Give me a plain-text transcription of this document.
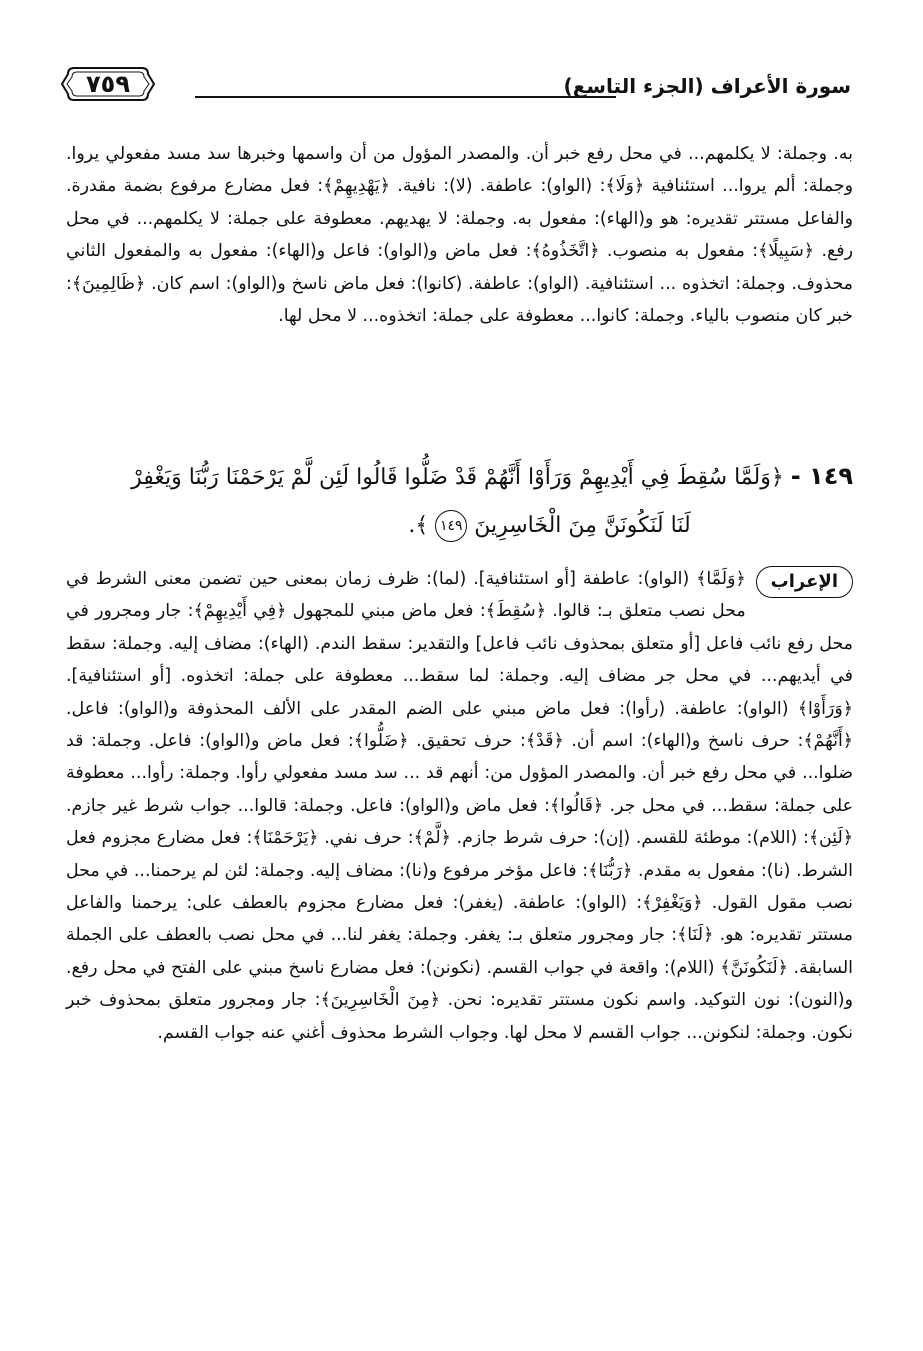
سورة الأعراف (الجزء التاسع)
٧٥٩
به. وجملة: لا يكلمهم... في محل رفع خبر أن. والمصدر المؤول من أن واسمها وخبرها سد مسد مفعولي يروا. وجملة: ألم يروا... استئنافية ﴿وَلَا﴾: (الواو): عاطفة. (لا): نافية. ﴿يَهْدِيهِمْ﴾: فعل مضارع مرفوع بضمة مقدرة. والفاعل مستتر تقديره: هو و(الهاء): مفعول به. وجملة: لا يهديهم. معطوفة على جملة: لا يكلمهم... في محل رفع. ﴿سَبِيلًا﴾: مفعول به منصوب. ﴿اتَّخَذُوهُ﴾: فعل ماض و(الواو): فاعل و(الهاء): مفعول به والمفعول الثاني محذوف. وجملة: اتخذوه ... استئنافية. (الواو): عاطفة. (كانوا): فعل ماض ناسخ و(الواو): اسم كان. ﴿ظَالِمِينَ﴾: خبر كان منصوب بالياء. وجملة: كانوا... معطوفة على جملة: اتخذوه... لا محل لها.
١٤٩ - ﴿وَلَمَّا سُقِطَ فِي أَيْدِيهِمْ وَرَأَوْا أَنَّهُمْ قَدْ ضَلُّوا قَالُوا لَئِن لَّمْ يَرْحَمْنَا رَبُّنَا وَيَغْفِرْ
لَنَا لَنَكُونَنَّ مِنَ الْخَاسِرِينَ ١٤٩ ﴾.
الإعراب
﴿وَلَمَّا﴾ (الواو): عاطفة [أو استئنافية]. (لما): ظرف زمان بمعنى حين تضمن معنى الشرط في محل نصب متعلق بـ: قالوا. ﴿سُقِطَ﴾: فعل ماض مبني للمجهول ﴿فِي أَيْدِيهِمْ﴾: جار ومجرور في محل رفع نائب فاعل [أو متعلق بمحذوف نائب فاعل] والتقدير: سقط الندم. (الهاء): مضاف إليه. وجملة: سقط في أيديهم... في محل جر مضاف إليه. وجملة: لما سقط... معطوفة على جملة: اتخذوه. [أو استئنافية]. ﴿وَرَأَوْا﴾ (الواو): عاطفة. (رأوا): فعل ماض مبني على الضم المقدر على الألف المحذوفة و(الواو): فاعل. ﴿أَنَّهُمْ﴾: حرف ناسخ و(الهاء): اسم أن. ﴿قَدْ﴾: حرف تحقيق. ﴿ضَلُّوا﴾: فعل ماض و(الواو): فاعل. وجملة: قد ضلوا... في محل رفع خبر أن. والمصدر المؤول من: أنهم قد ... سد مسد مفعولي رأوا. وجملة: رأوا... معطوفة على جملة: سقط... في محل جر. ﴿قَالُوا﴾: فعل ماض و(الواو): فاعل. وجملة: قالوا... جواب شرط غير جازم. ﴿لَئِن﴾: (اللام): موطئة للقسم. (إن): حرف شرط جازم. ﴿لَّمْ﴾: حرف نفي. ﴿يَرْحَمْنَا﴾: فعل مضارع مجزوم فعل الشرط. (نا): مفعول به مقدم. ﴿رَبُّنَا﴾: فاعل مؤخر مرفوع و(نا): مضاف إليه. وجملة: لئن لم يرحمنا... في محل نصب مقول القول. ﴿وَيَغْفِرْ﴾: (الواو): عاطفة. (يغفر): فعل مضارع مجزوم بالعطف على: يرحمنا والفاعل مستتر تقديره: هو. ﴿لَنَا﴾: جار ومجرور متعلق بـ: يغفر. وجملة: يغفر لنا... في محل نصب بالعطف على الجملة السابقة. ﴿لَنَكُونَنَّ﴾ (اللام): واقعة في جواب القسم. (نكونن): فعل مضارع ناسخ مبني على الفتح في محل رفع. و(النون): نون التوكيد. واسم نكون مستتر تقديره: نحن. ﴿مِنَ الْخَاسِرِينَ﴾: جار ومجرور متعلق بمحذوف خبر نكون. وجملة: لنكونن... جواب القسم لا محل لها. وجواب الشرط محذوف أغني عنه جواب القسم.
